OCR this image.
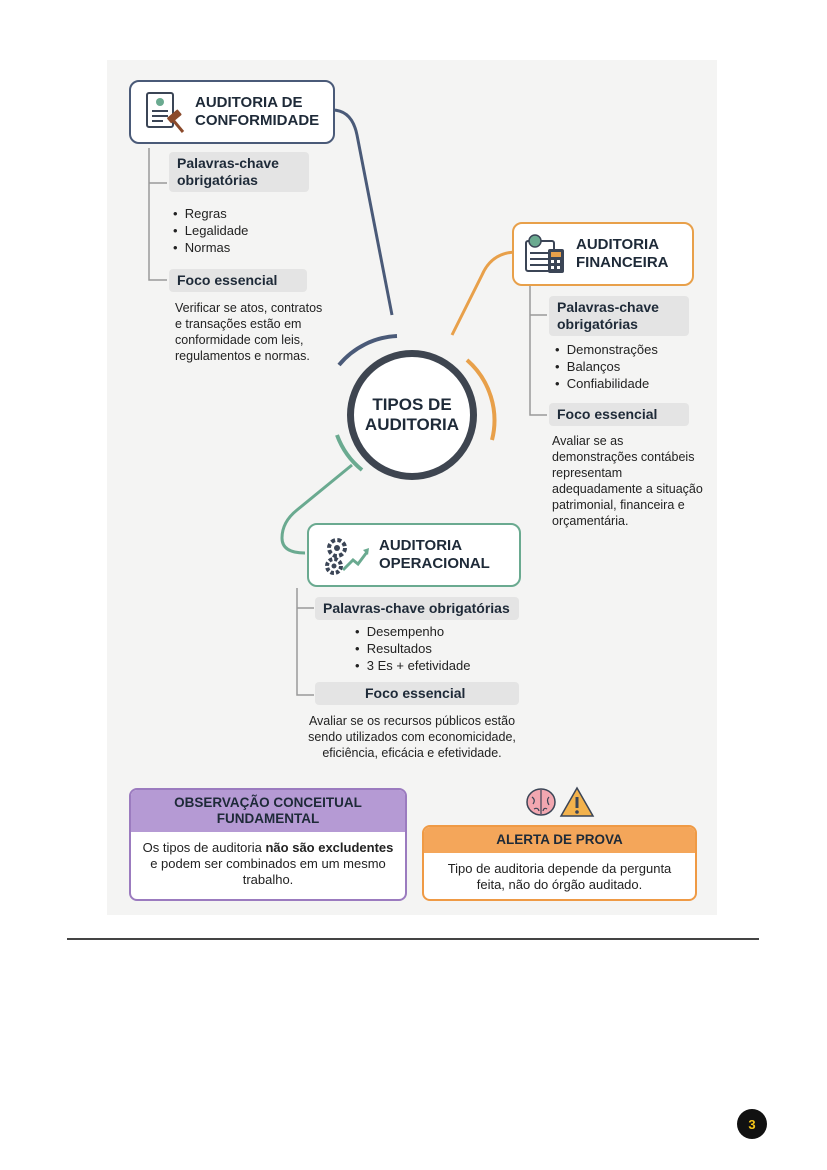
AUDITORIA DE
CONFORMIDADE
Palavras-chave obrigatórias
•  Regras
•  Legalidade
•  Normas
Foco essencial
Verificar se atos, contratos e transações estão em conformidade com leis, regulamentos e normas.
AUDITORIA
FINANCEIRA
Palavras-chave obrigatórias
•  Demonstrações
•  Balanços
•  Confiabilidade
Foco essencial
Avaliar se as demonstrações contábeis representam adequadamente a situação patrimonial, financeira e orçamentária.
TIPOS DE
AUDITORIA
AUDITORIA
OPERACIONAL
Palavras-chave obrigatórias
•  Desempenho
•  Resultados
•  3 Es + efetividade
Foco essencial
Avaliar se os recursos públicos estão sendo utilizados com economicidade, eficiência, eficácia e efetividade.
OBSERVAÇÃO CONCEITUAL
FUNDAMENTAL
Os tipos de auditoria não são excludentes e podem ser combinados em um mesmo trabalho.
ALERTA DE PROVA
Tipo de auditoria depende da pergunta feita, não do órgão auditado.
3
